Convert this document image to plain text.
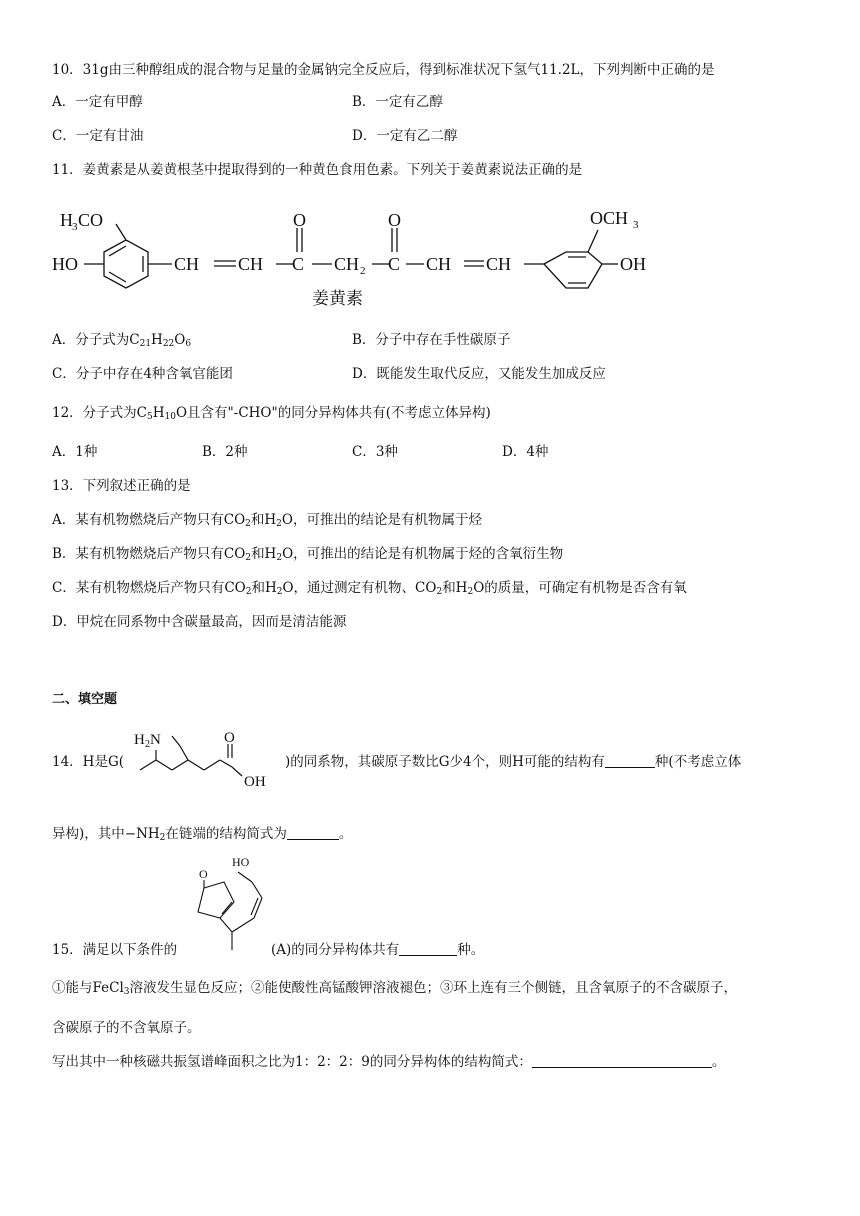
10．31g由三种醇组成的混合物与足量的金属钠完全反应后，得到标准状况下氢气11.2L，下列判断中正确的是
A．一定有甲醇	B．一定有乙醇
C．一定有甘油	D．一定有乙二醇
11．姜黄素是从姜黄根茎中提取得到的一种黄色食用色素。下列关于姜黄素说法正确的是
H 3 CO
HO	CH CH C
O
CH 2 C
O
CH CH
OCH 3
OH
姜黄素
A．分子式为$C_{21}H_{22}O_6$	B．分子中存在手性碳原子
C．分子中存在4种含氧官能团	D．既能发生取代反应，又能发生加成反应
12．分子式为$C_5H_{10}O$且含有"-CHO"的同分异构体共有(不考虑立体异构)
A．1种	B．2种	C．3种	D．4种
13．下列叙述正确的是
A．某有机物燃烧后产物只有$CO_2$和$H_2O$，可推出的结论是有机物属于烃
B．某有机物燃烧后产物只有$CO_2$和$H_2O$，可推出的结论是有机物属于烃的含氧衍生物
C．某有机物燃烧后产物只有$CO_2$和$H_2O$，通过测定有机物、$CO_2$和$H_2O$的质量，可确定有机物是否含有氧
D．甲烷在同系物中含碳量最高，因而是清洁能源
二、填空题
14．H是G(
H 2 N	O
OH
)的同系物，其碳原子数比G少4个，则H可能的结构有	种(不考虑立体
异构)，其中$-NH_2$在链端的结构简式为	。
15．满足以下条件的
O
HO
(A)的同分异构体共有	种。
①能与FeCl$_3$溶液发生显色反应；②能使酸性高锰酸钾溶液褪色；③环上连有三个侧链，且含氧原子的不含碳原子，
含碳原子的不含氧原子。
写出其中一种核磁共振氢谱峰面积之比为1：2：2：9的同分异构体的结构简式：	。
